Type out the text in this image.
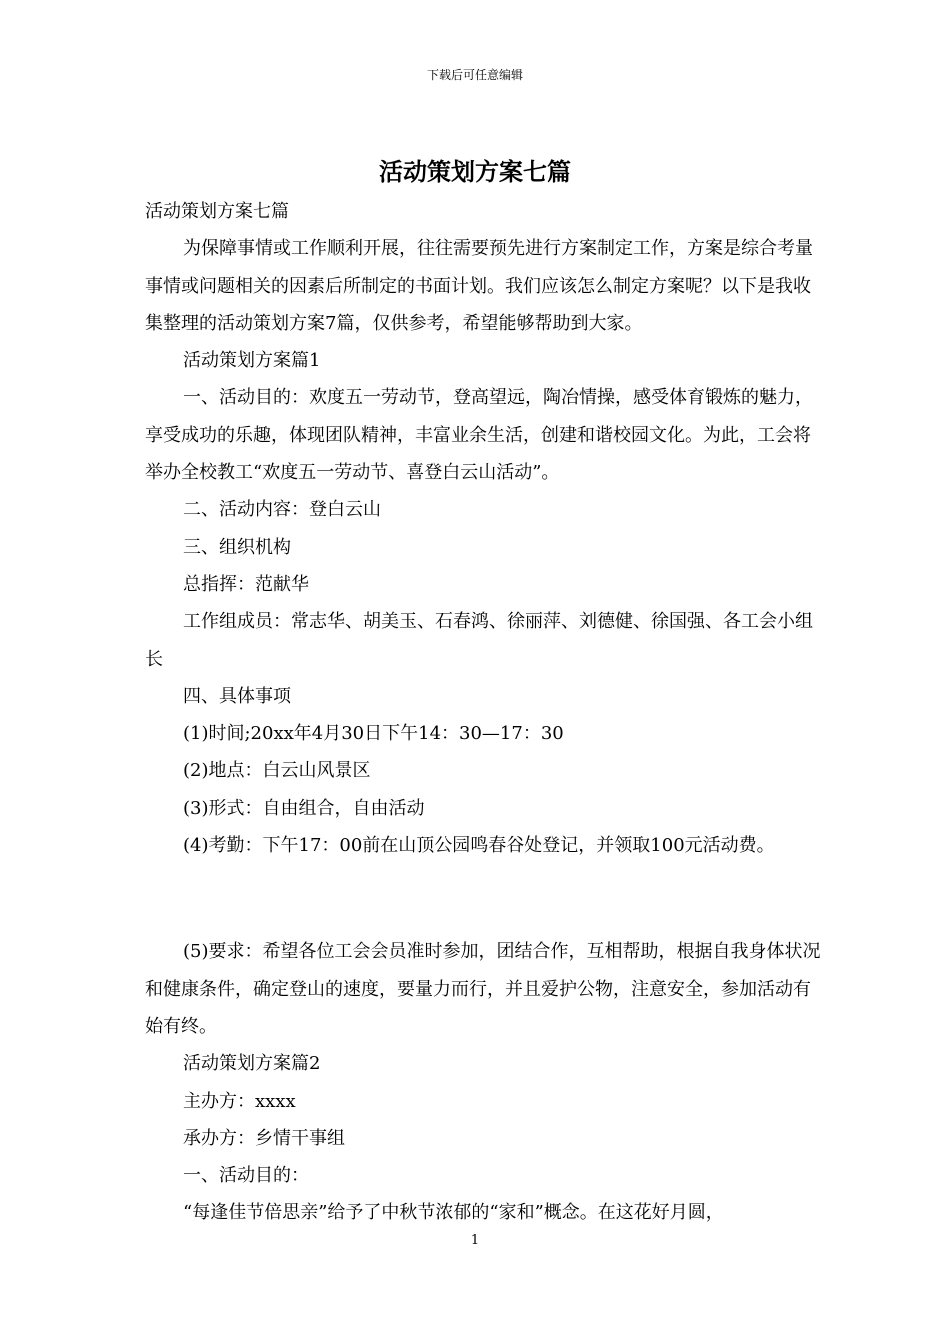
下载后可任意编辑
活动策划方案七篇

活动策划方案七篇

为保障事情或工作顺利开展，往往需要预先进行方案制定工作，方案是综合考量事情或问题相关的因素后所制定的书面计划。我们应该怎么制定方案呢？以下是我收集整理的活动策划方案7篇，仅供参考，希望能够帮助到大家。

活动策划方案篇1

一、活动目的：欢度五一劳动节，登高望远，陶冶情操，感受体育锻炼的魅力，享受成功的乐趣，体现团队精神，丰富业余生活，创建和谐校园文化。为此，工会将举办全校教工“欢度五一劳动节、喜登白云山活动”。

二、活动内容：登白云山

三、组织机构

总指挥：范献华

工作组成员：常志华、胡美玉、石春鸿、徐丽萍、刘德健、徐国强、各工会小组长

四、具体事项

(1)时间;20xx年4月30日下午14：30—17：30

(2)地点：白云山风景区

(3)形式：自由组合，自由活动

(4)考勤：下午17：00前在山顶公园鸣春谷处登记，并领取100元活动费。

(5)要求：希望各位工会会员准时参加，团结合作，互相帮助，根据自我身体状况和健康条件，确定登山的速度，要量力而行，并且爱护公物，注意安全，参加活动有始有终。

活动策划方案篇2

主办方：xxxx

承办方：乡情干事组

一、活动目的：

“每逢佳节倍思亲”给予了中秋节浓郁的“家和”概念。在这花好月圆，

1
